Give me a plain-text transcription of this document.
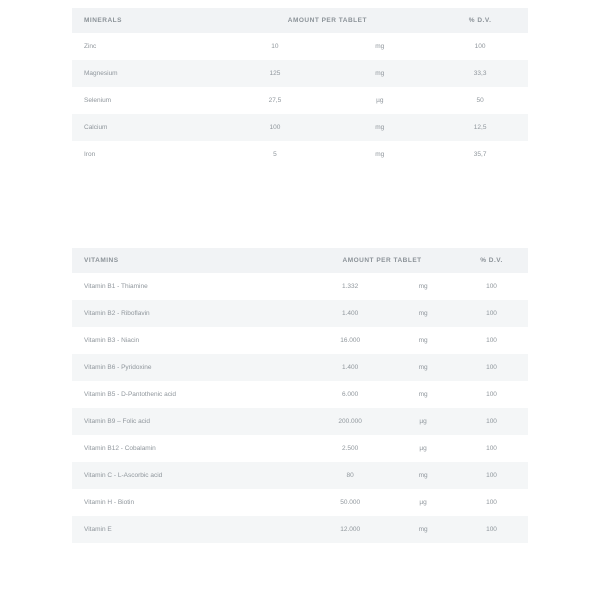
MINERALS	AMOUNT PER TABLET		% D.V.
Zinc	10	mg	100
Magnesium	125	mg	33,3
Selenium	27,5	µg	50
Calcium	100	mg	12,5
Iron	5	mg	35,7
VITAMINS	AMOUNT PER TABLET		% D.V.
Vitamin B1 - Thiamine	1.332	mg	100
Vitamin B2 - Riboflavin	1.400	mg	100
Vitamin B3 - Niacin	16.000	mg	100
Vitamin B6 - Pyridoxine	1.400	mg	100
Vitamin B5 - D-Pantothenic acid	6.000	mg	100
Vitamin B9 – Folic acid	200.000	µg	100
Vitamin B12 - Cobalamin	2.500	µg	100
Vitamin C - L-Ascorbic acid	80	mg	100
Vitamin H - Biotin	50.000	µg	100
Vitamin E	12.000	mg	100
